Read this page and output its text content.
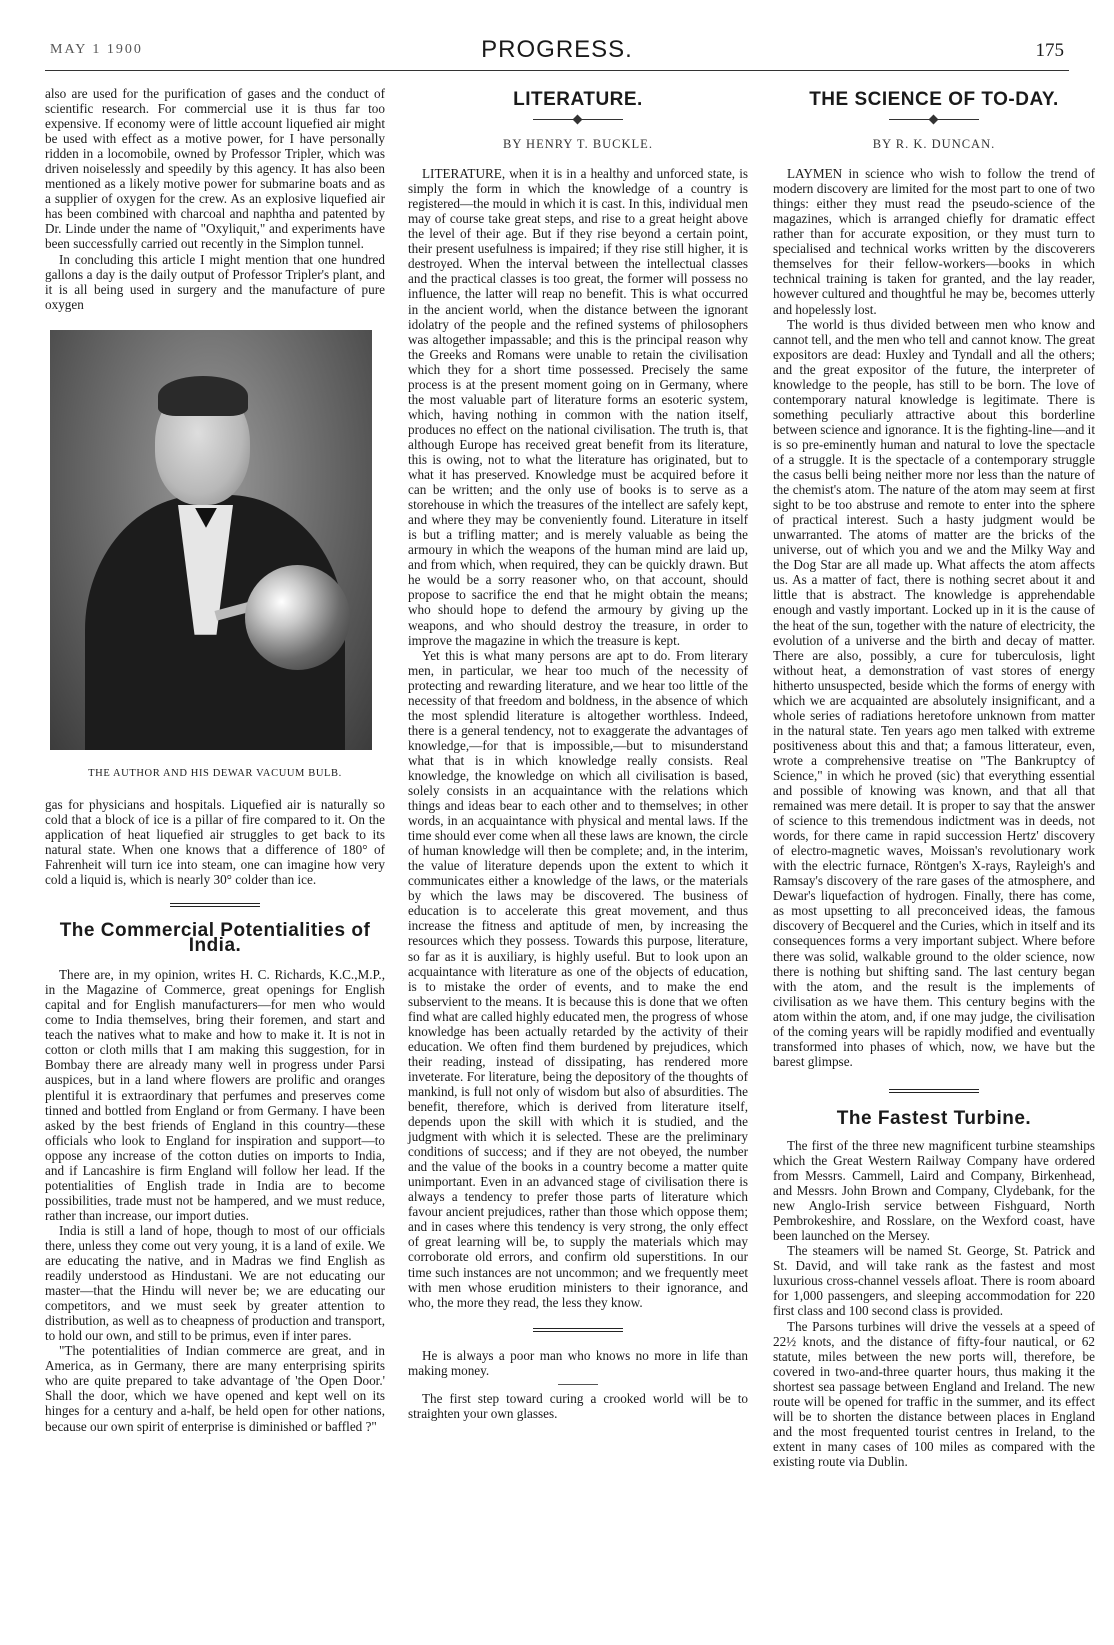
MAY 1 1900	PROGRESS.	175

also are used for the purification of gases and the conduct of scientific research. For commercial use it is thus far too expensive. If economy were of little account liquefied air might be used with effect as a motive power, for I have personally ridden in a locomobile, owned by Professor Tripler, which was driven noiselessly and speedily by this agency. It has also been mentioned as a likely motive power for submarine boats and as a supplier of oxygen for the crew. As an explosive liquefied air has been combined with charcoal and naphtha and patented by Dr. Linde under the name of "Oxyliquit," and experiments have been successfully carried out recently in the Simplon tunnel.

In concluding this article I might mention that one hundred gallons a day is the daily output of Professor Tripler's plant, and it is all being used in surgery and the manufacture of pure oxygen

THE AUTHOR AND HIS DEWAR VACUUM BULB.

gas for physicians and hospitals. Liquefied air is naturally so cold that a block of ice is a pillar of fire compared to it. On the application of heat liquefied air struggles to get back to its natural state. When one knows that a difference of 180° of Fahrenheit will turn ice into steam, one can imagine how very cold a liquid is, which is nearly 30° colder than ice.

The Commercial Potentialities of India.

There are, in my opinion, writes H. C. Richards, K.C.,M.P., in the Magazine of Commerce, great openings for English capital and for English manufacturers—for men who would come to India themselves, bring their foremen, and start and teach the natives what to make and how to make it. It is not in cotton or cloth mills that I am making this suggestion, for in Bombay there are already many well in progress under Parsi auspices, but in a land where flowers are prolific and oranges plentiful it is extraordinary that perfumes and preserves come tinned and bottled from England or from Germany. I have been asked by the best friends of England in this country—these officials who look to England for inspiration and support—to oppose any increase of the cotton duties on imports to India, and if Lancashire is firm England will follow her lead. If the potentialities of English trade in India are to become possibilities, trade must not be hampered, and we must reduce, rather than increase, our import duties.

India is still a land of hope, though to most of our officials there, unless they come out very young, it is a land of exile. We are educating the native, and in Madras we find English as readily understood as Hindustani. We are not educating our master—that the Hindu will never be; we are educating our competitors, and we must seek by greater attention to distribution, as well as to cheapness of production and transport, to hold our own, and still to be primus, even if inter pares.

"The potentialities of Indian commerce are great, and in America, as in Germany, there are many enterprising spirits who are quite prepared to take advantage of 'the Open Door.' Shall the door, which we have opened and kept well on its hinges for a century and a-half, be held open for other nations, because our own spirit of enterprise is diminished or baffled ?"

LITERATURE.
BY HENRY T. BUCKLE.

LITERATURE, when it is in a healthy and unforced state, is simply the form in which the knowledge of a country is registered—the mould in which it is cast. In this, individual men may of course take great steps, and rise to a great height above the level of their age. But if they rise beyond a certain point, their present usefulness is impaired; if they rise still higher, it is destroyed. When the interval between the intellectual classes and the practical classes is too great, the former will possess no influence, the latter will reap no benefit. This is what occurred in the ancient world, when the distance between the ignorant idolatry of the people and the refined systems of philosophers was altogether impassable; and this is the principal reason why the Greeks and Romans were unable to retain the civilisation which they for a short time possessed. Precisely the same process is at the present moment going on in Germany, where the most valuable part of literature forms an esoteric system, which, having nothing in common with the nation itself, produces no effect on the national civilisation. The truth is, that although Europe has received great benefit from its literature, this is owing, not to what the literature has originated, but to what it has preserved. Knowledge must be acquired before it can be written; and the only use of books is to serve as a storehouse in which the treasures of the intellect are safely kept, and where they may be conveniently found. Literature in itself is but a trifling matter; and is merely valuable as being the armoury in which the weapons of the human mind are laid up, and from which, when required, they can be quickly drawn. But he would be a sorry reasoner who, on that account, should propose to sacrifice the end that he might obtain the means; who should hope to defend the armoury by giving up the weapons, and who should destroy the treasure, in order to improve the magazine in which the treasure is kept.

Yet this is what many persons are apt to do. From literary men, in particular, we hear too much of the necessity of protecting and rewarding literature, and we hear too little of the necessity of that freedom and boldness, in the absence of which the most splendid literature is altogether worthless. Indeed, there is a general tendency, not to exaggerate the advantages of knowledge,—for that is impossible,—but to misunderstand what that is in which knowledge really consists. Real knowledge, the knowledge on which all civilisation is based, solely consists in an acquaintance with the relations which things and ideas bear to each other and to themselves; in other words, in an acquaintance with physical and mental laws. If the time should ever come when all these laws are known, the circle of human knowledge will then be complete; and, in the interim, the value of literature depends upon the extent to which it communicates either a knowledge of the laws, or the materials by which the laws may be discovered. The business of education is to accelerate this great movement, and thus increase the fitness and aptitude of men, by increasing the resources which they possess. Towards this purpose, literature, so far as it is auxiliary, is highly useful. But to look upon an acquaintance with literature as one of the objects of education, is to mistake the order of events, and to make the end subservient to the means. It is because this is done that we often find what are called highly educated men, the progress of whose knowledge has been actually retarded by the activity of their education. We often find them burdened by prejudices, which their reading, instead of dissipating, has rendered more inveterate. For literature, being the depository of the thoughts of mankind, is full not only of wisdom but also of absurdities. The benefit, therefore, which is derived from literature itself, depends upon the skill with which it is studied, and the judgment with which it is selected. These are the preliminary conditions of success; and if they are not obeyed, the number and the value of the books in a country become a matter quite unimportant. Even in an advanced stage of civilisation there is always a tendency to prefer those parts of literature which favour ancient prejudices, rather than those which oppose them; and in cases where this tendency is very strong, the only effect of great learning will be, to supply the materials which may corroborate old errors, and confirm old superstitions. In our time such instances are not uncommon; and we frequently meet with men whose erudition ministers to their ignorance, and who, the more they read, the less they know.

He is always a poor man who knows no more in life than making money.

The first step toward curing a crooked world will be to straighten your own glasses.

THE SCIENCE OF TO-DAY.
BY R. K. DUNCAN.

LAYMEN in science who wish to follow the trend of modern discovery are limited for the most part to one of two things: either they must read the pseudo-science of the magazines, which is arranged chiefly for dramatic effect rather than for accurate exposition, or they must turn to specialised and technical works written by the discoverers themselves for their fellow-workers—books in which technical training is taken for granted, and the lay reader, however cultured and thoughtful he may be, becomes utterly and hopelessly lost.

The world is thus divided between men who know and cannot tell, and the men who tell and cannot know. The great expositors are dead: Huxley and Tyndall and all the others; and the great expositor of the future, the interpreter of knowledge to the people, has still to be born. The love of contemporary natural knowledge is legitimate. There is something peculiarly attractive about this borderline between science and ignorance. It is the fighting-line—and it is so pre-eminently human and natural to love the spectacle of a struggle. It is the spectacle of a contemporary struggle the casus belli being neither more nor less than the nature of the chemist's atom. The nature of the atom may seem at first sight to be too abstruse and remote to enter into the sphere of practical interest. Such a hasty judgment would be unwarranted. The atoms of matter are the bricks of the universe, out of which you and we and the Milky Way and the Dog Star are all made up. What affects the atom affects us. As a matter of fact, there is nothing secret about it and little that is abstract. The knowledge is apprehendable enough and vastly important. Locked up in it is the cause of the heat of the sun, together with the nature of electricity, the evolution of a universe and the birth and decay of matter. There are also, possibly, a cure for tuberculosis, light without heat, a demonstration of vast stores of energy hitherto unsuspected, beside which the forms of energy with which we are acquainted are absolutely insignificant, and a whole series of radiations heretofore unknown from matter in the natural state. Ten years ago men talked with extreme positiveness about this and that; a famous litterateur, even, wrote a comprehensive treatise on "The Bankruptcy of Science," in which he proved (sic) that everything essential and possible of knowing was known, and that all that remained was mere detail. It is proper to say that the answer of science to this tremendous indictment was in deeds, not words, for there came in rapid succession Hertz' discovery of electro-magnetic waves, Moissan's revolutionary work with the electric furnace, Röntgen's X-rays, Rayleigh's and Ramsay's discovery of the rare gases of the atmosphere, and Dewar's liquefaction of hydrogen. Finally, there has come, as most upsetting to all preconceived ideas, the famous discovery of Becquerel and the Curies, which in itself and its consequences forms a very important subject. Where before there was solid, walkable ground to the older science, now there is nothing but shifting sand. The last century began with the atom, and the result is the implements of civilisation as we have them. This century begins with the atom within the atom, and, if one may judge, the civilisation of the coming years will be rapidly modified and eventually transformed into phases of which, now, we have but the barest glimpse.

The Fastest Turbine.

The first of the three new magnificent turbine steamships which the Great Western Railway Company have ordered from Messrs. Cammell, Laird and Company, Birkenhead, and Messrs. John Brown and Company, Clydebank, for the new Anglo-Irish service between Fishguard, North Pembrokeshire, and Rosslare, on the Wexford coast, have been launched on the Mersey.

The steamers will be named St. George, St. Patrick and St. David, and will take rank as the fastest and most luxurious cross-channel vessels afloat. There is room aboard for 1,000 passengers, and sleeping accommodation for 220 first class and 100 second class is provided.

The Parsons turbines will drive the vessels at a speed of 22½ knots, and the distance of fifty-four nautical, or 62 statute, miles between the new ports will, therefore, be covered in two-and-three quarter hours, thus making it the shortest sea passage between England and Ireland. The new route will be opened for traffic in the summer, and its effect will be to shorten the distance between places in England and the most frequented tourist centres in Ireland, to the extent in many cases of 100 miles as compared with the existing route via Dublin.
